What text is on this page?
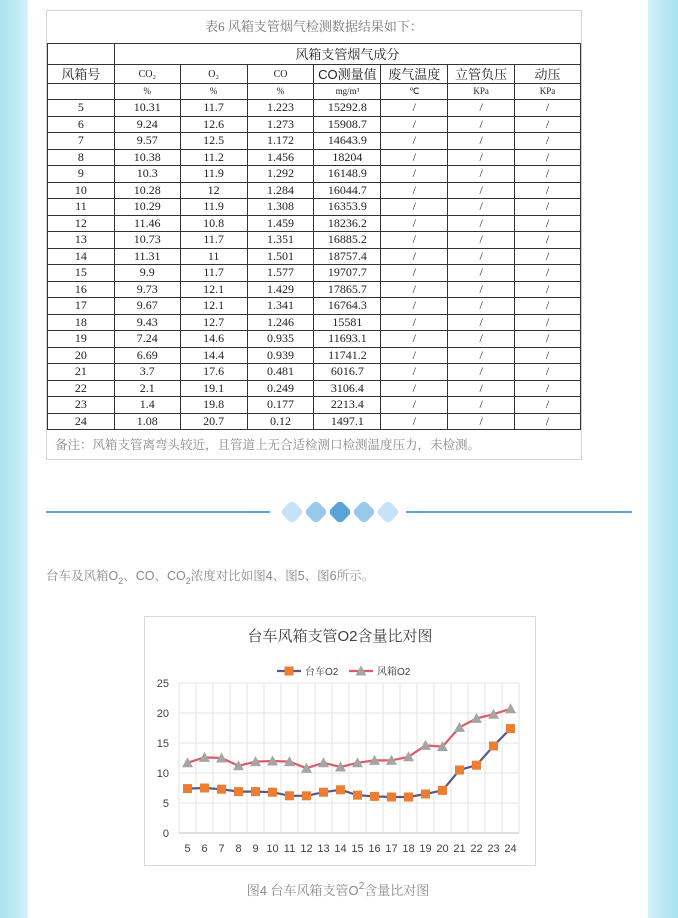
表6 风箱支管烟气检测数据结果如下：
	风箱支管烟气成分						
风箱号	CO₂	O₂	CO	CO测量值	废气温度	立管负压	动压
	%	%	%	mg/m³	℃	KPa	KPa
5	10.31	11.7	1.223	15292.8	/	/	/
6	9.24	12.6	1.273	15908.7	/	/	/
7	9.57	12.5	1.172	14643.9	/	/	/
8	10.38	11.2	1.456	18204	/	/	/
9	10.3	11.9	1.292	16148.9	/	/	/
10	10.28	12	1.284	16044.7	/	/	/
11	10.29	11.9	1.308	16353.9	/	/	/
12	11.46	10.8	1.459	18236.2	/	/	/
13	10.73	11.7	1.351	16885.2	/	/	/
14	11.31	11	1.501	18757.4	/	/	/
15	9.9	11.7	1.577	19707.7	/	/	/
16	9.73	12.1	1.429	17865.7	/	/	/
17	9.67	12.1	1.341	16764.3	/	/	/
18	9.43	12.7	1.246	15581	/	/	/
19	7.24	14.6	0.935	11693.1	/	/	/
20	6.69	14.4	0.939	11741.2	/	/	/
21	3.7	17.6	0.481	6016.7	/	/	/
22	2.1	19.1	0.249	3106.4	/	/	/
23	1.4	19.8	0.177	2213.4	/	/	/
24	1.08	20.7	0.12	1497.1	/	/	/
备注：风箱支管离弯头较近，且管道上无合适检测口检测温度压力，未检测。
台车及风箱$O_2$、CO、$CO_2$浓度对比如图4、图5、图6所示。
台车风箱支管O2含量比对图
0
5
10
15
20
25
5 6 7 8 9 10 11 12 13 14 15 16 17 18 19 20 21 22 23 24
台车O2	风箱O2
图4 台车风箱支管$O^2$含量比对图
